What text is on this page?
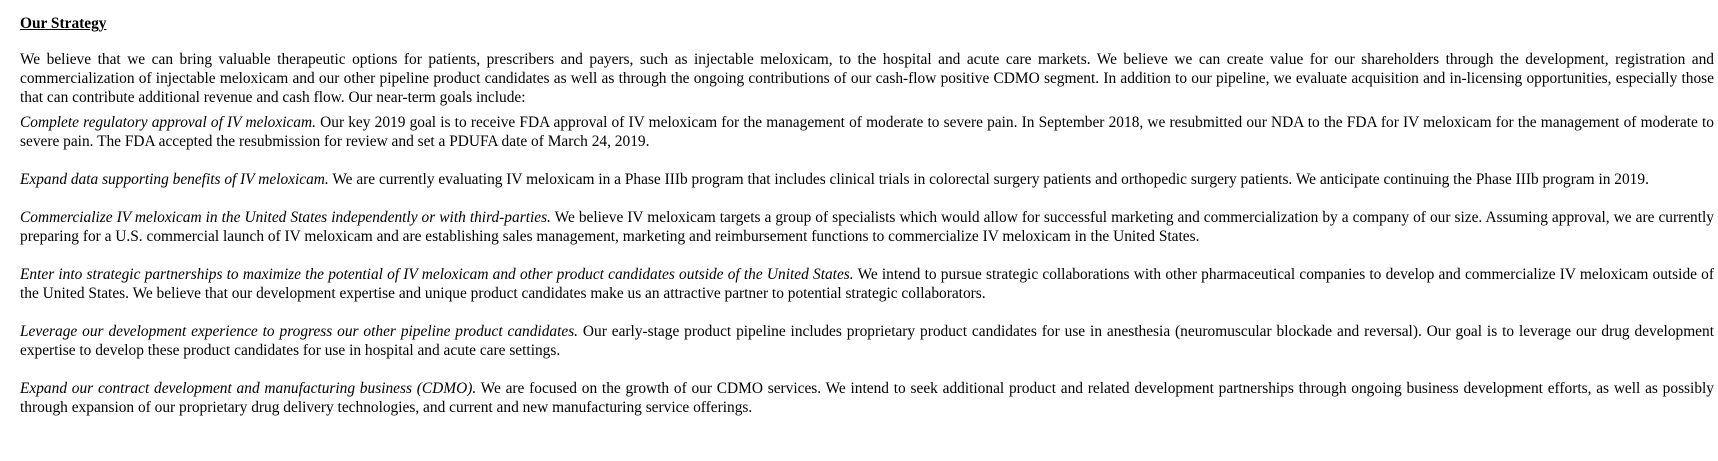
Our Strategy

We believe that we can bring valuable therapeutic options for patients, prescribers and payers, such as injectable meloxicam, to the hospital and acute care markets. We believe we can create value for our shareholders through the development, registration and commercialization of injectable meloxicam and our other pipeline product candidates as well as through the ongoing contributions of our cash-flow positive CDMO segment. In addition to our pipeline, we evaluate acquisition and in-licensing opportunities, especially those that can contribute additional revenue and cash flow. Our near-term goals include:

Complete regulatory approval of IV meloxicam. Our key 2019 goal is to receive FDA approval of IV meloxicam for the management of moderate to severe pain. In September 2018, we resubmitted our NDA to the FDA for IV meloxicam for the management of moderate to severe pain. The FDA accepted the resubmission for review and set a PDUFA date of March 24, 2019.

Expand data supporting benefits of IV meloxicam. We are currently evaluating IV meloxicam in a Phase IIIb program that includes clinical trials in colorectal surgery patients and orthopedic surgery patients. We anticipate continuing the Phase IIIb program in 2019.

Commercialize IV meloxicam in the United States independently or with third-parties. We believe IV meloxicam targets a group of specialists which would allow for successful marketing and commercialization by a company of our size. Assuming approval, we are currently preparing for a U.S. commercial launch of IV meloxicam and are establishing sales management, marketing and reimbursement functions to commercialize IV meloxicam in the United States.

Enter into strategic partnerships to maximize the potential of IV meloxicam and other product candidates outside of the United States. We intend to pursue strategic collaborations with other pharmaceutical companies to develop and commercialize IV meloxicam outside of the United States. We believe that our development expertise and unique product candidates make us an attractive partner to potential strategic collaborators.

Leverage our development experience to progress our other pipeline product candidates. Our early-stage product pipeline includes proprietary product candidates for use in anesthesia (neuromuscular blockade and reversal). Our goal is to leverage our drug development expertise to develop these product candidates for use in hospital and acute care settings.

Expand our contract development and manufacturing business (CDMO). We are focused on the growth of our CDMO services. We intend to seek additional product and related development partnerships through ongoing business development efforts, as well as possibly through expansion of our proprietary drug delivery technologies, and current and new manufacturing service offerings.
